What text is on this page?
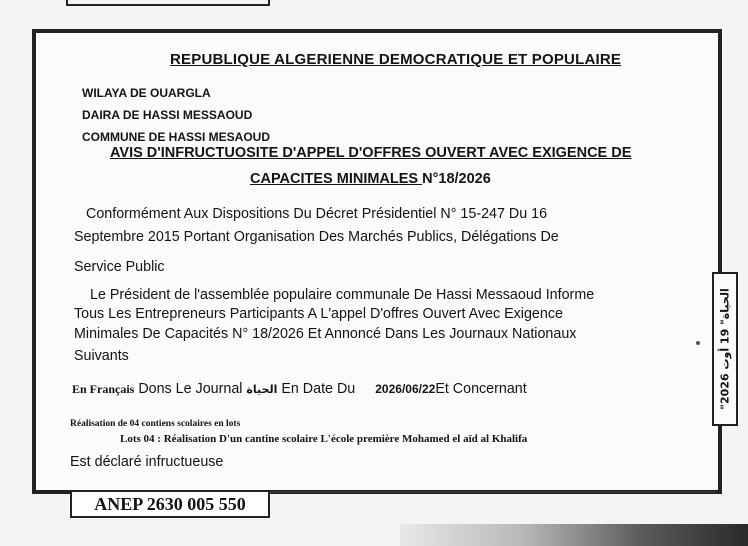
REPUBLIQUE ALGERIENNE DEMOCRATIQUE ET POPULAIRE
WILAYA DE OUARGLA
DAIRA DE HASSI MESSAOUD
COMMUNE DE HASSI MESAOUD
AVIS D'INFRUCTUOSITE D'APPEL D'OFFRES OUVERT AVEC EXIGENCE DE
CAPACITES MINIMALES N°18/2026
Conformément Aux Dispositions Du Décret Présidentiel N° 15-247 Du 16
Septembre 2015 Portant Organisation Des Marchés Publics, Délégations De
Service Public
Le Président de l'assemblée populaire communale De Hassi Messaoud Informe
Tous Les Entrepreneurs Participants A L'appel D'offres Ouvert Avec Exigence
Minimales De Capacités N° 18/2026 Et Annoncé Dans Les Journaux Nationaux
Suivants
En Français Dons Le Journal الحياة En Date Du 2026/06/22Et Concernant
Réalisation de 04 contiens scolaires en lots
Lots 04 : Réalisation D'un cantine scolaire L'école première Mohamed el aïd al Khalifa
Est déclaré infructueuse
"الحياة" 19 أوت 2026
ANEP 2630 005 550
